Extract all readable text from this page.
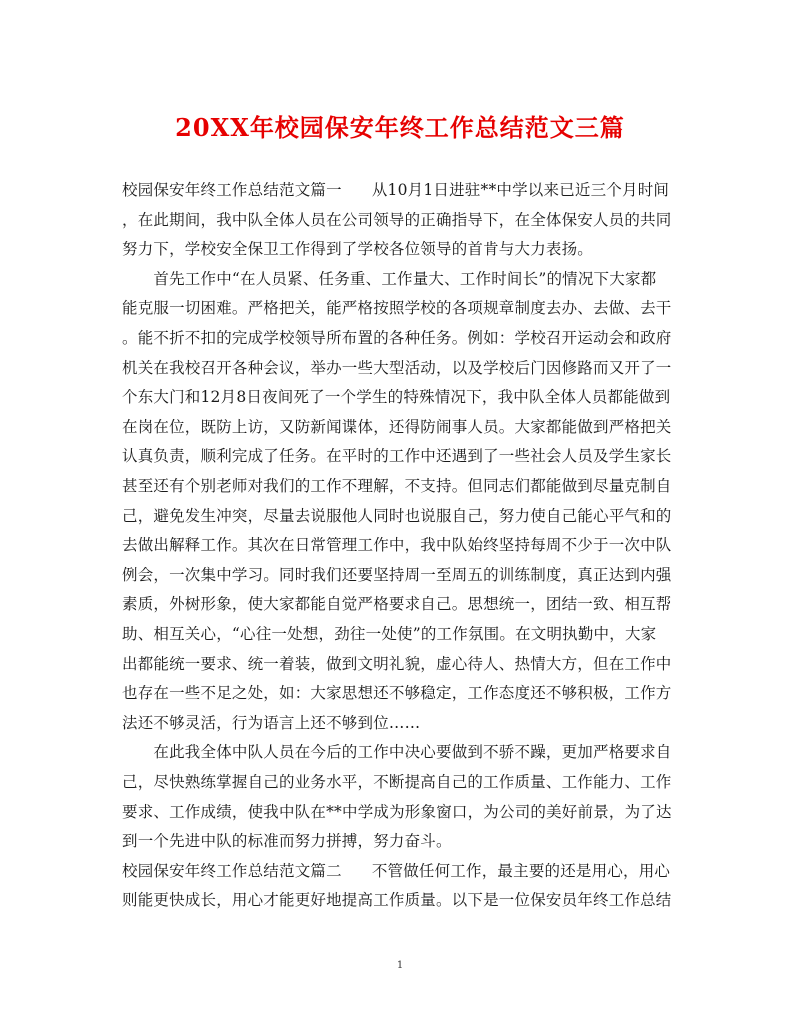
20XX年校园保安年终工作总结范文三篇
校园保安年终工作总结范文篇一 从10月1日进驻**中学以来已近三个月时间
，在此期间，我中队全体人员在公司领导的正确指导下，在全体保安人员的共同
努力下，学校安全保卫工作得到了学校各位领导的首肯与大力表扬。
　　首先工作中“在人员紧、任务重、工作量大、工作时间长”的情况下大家都
能克服一切困难。严格把关，能严格按照学校的各项规章制度去办、去做、去干
。能不折不扣的完成学校领导所布置的各种任务。例如：学校召开运动会和政府
机关在我校召开各种会议，举办一些大型活动，以及学校后门因修路而又开了一
个东大门和12月8日夜间死了一个学生的特殊情况下，我中队全体人员都能做到
在岗在位，既防上访，又防新闻谍体，还得防闹事人员。大家都能做到严格把关
认真负责，顺利完成了任务。在平时的工作中还遇到了一些社会人员及学生家长
甚至还有个别老师对我们的工作不理解，不支持。但同志们都能做到尽量克制自
己，避免发生冲突，尽量去说服他人同时也说服自己，努力使自己能心平气和的
去做出解释工作。其次在日常管理工作中，我中队始终坚持每周不少于一次中队
例会，一次集中学习。同时我们还要坚持周一至周五的训练制度，真正达到内强
素质，外树形象，使大家都能自觉严格要求自己。思想统一，团结一致、相互帮
助、相互关心，“心往一处想，劲往一处使”的工作氛围。在文明执勤中，大家
出都能统一要求、统一着装，做到文明礼貌，虚心待人、热情大方，但在工作中
也存在一些不足之处，如：大家思想还不够稳定，工作态度还不够积极，工作方
法还不够灵活，行为语言上还不够到位……
　　在此我全体中队人员在今后的工作中决心要做到不骄不躁，更加严格要求自
己，尽快熟练掌握自己的业务水平，不断提高自己的工作质量、工作能力、工作
要求、工作成绩，使我中队在**中学成为形象窗口，为公司的美好前景，为了达
到一个先进中队的标准而努力拼搏，努力奋斗。
校园保安年终工作总结范文篇二 不管做任何工作，最主要的还是用心，用心
则能更快成长，用心才能更好地提高工作质量。以下是一位保安员年终工作总结
1
